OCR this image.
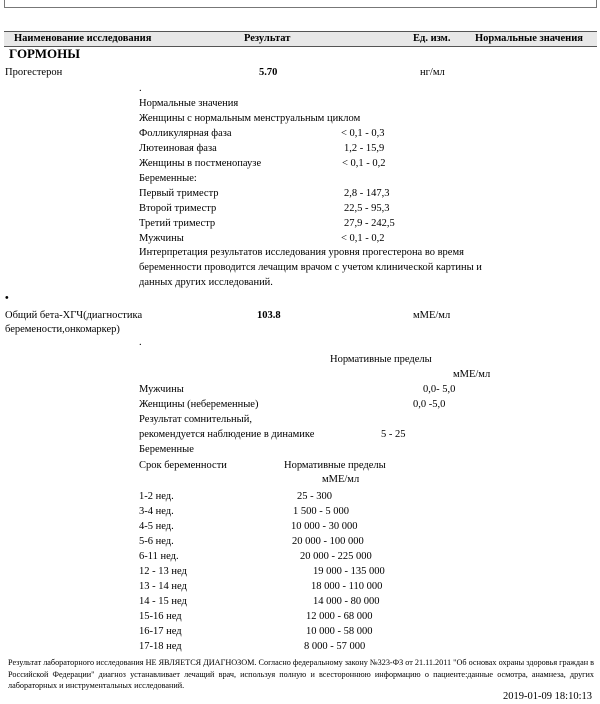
Наименование исследования	Результат	Ед. изм. Нормальные значения
ГОРМОНЫ
Прогестерон	5.70	нг/мл
.
Нормальные значения
Женщины с нормальным менструальным циклом
Фолликулярная фаза	< 0,1 - 0,3
Лютеиновая фаза	1,2 - 15,9
Женщины в постменопаузе	< 0,1 - 0,2
Беременные:
Первый триместр	2,8 - 147,3
Второй триместр	22,5 - 95,3
Третий триместр	27,9 - 242,5
Мужчины	< 0,1 - 0,2
Интерпретация результатов исследования уровня прогестерона во время
беременности проводится лечащим врачом с учетом клинической картины и
данных других исследований.
•
Общий бета-ХГЧ(диагностика
беремености,онкомаркер)
103.8	мМЕ/мл
.
Нормативные пределы
мМЕ/мл
Мужчины	0,0- 5,0
Женщины (небеременные)	0,0 -5,0
Результат сомнительный,
рекомендуется наблюдение в динамике	5 - 25
Беременные
Срок беременности	Нормативные пределы
мМЕ/мл
1-2 нед.	25 - 300
3-4 нед.	1 500 - 5 000
4-5 нед.	10 000 - 30 000
5-6 нед.	20 000 - 100 000
6-11 нед.	20 000 - 225 000
12 - 13 нед	19 000 - 135 000
13 - 14 нед	18 000 - 110 000
14 - 15 нед	14 000 - 80 000
15-16 нед	12 000 - 68 000
16-17 нед	10 000 - 58 000
17-18 нед	8 000 - 57 000
Результат лабораторного исследования НЕ ЯВЛЯЕТСЯ ДИАГНОЗОМ. Согласно федеральному закону №323-ФЗ от 21.11.2011 "Об основах охраны здоровья граждан в Российской Федерации" диагноз устанавливает лечащий врач, используя полную и всестороннюю информацию о пациенте:данные осмотра, анамнеза, других лабораторных и инструментальных исследований.
2019-01-09 18:10:13
